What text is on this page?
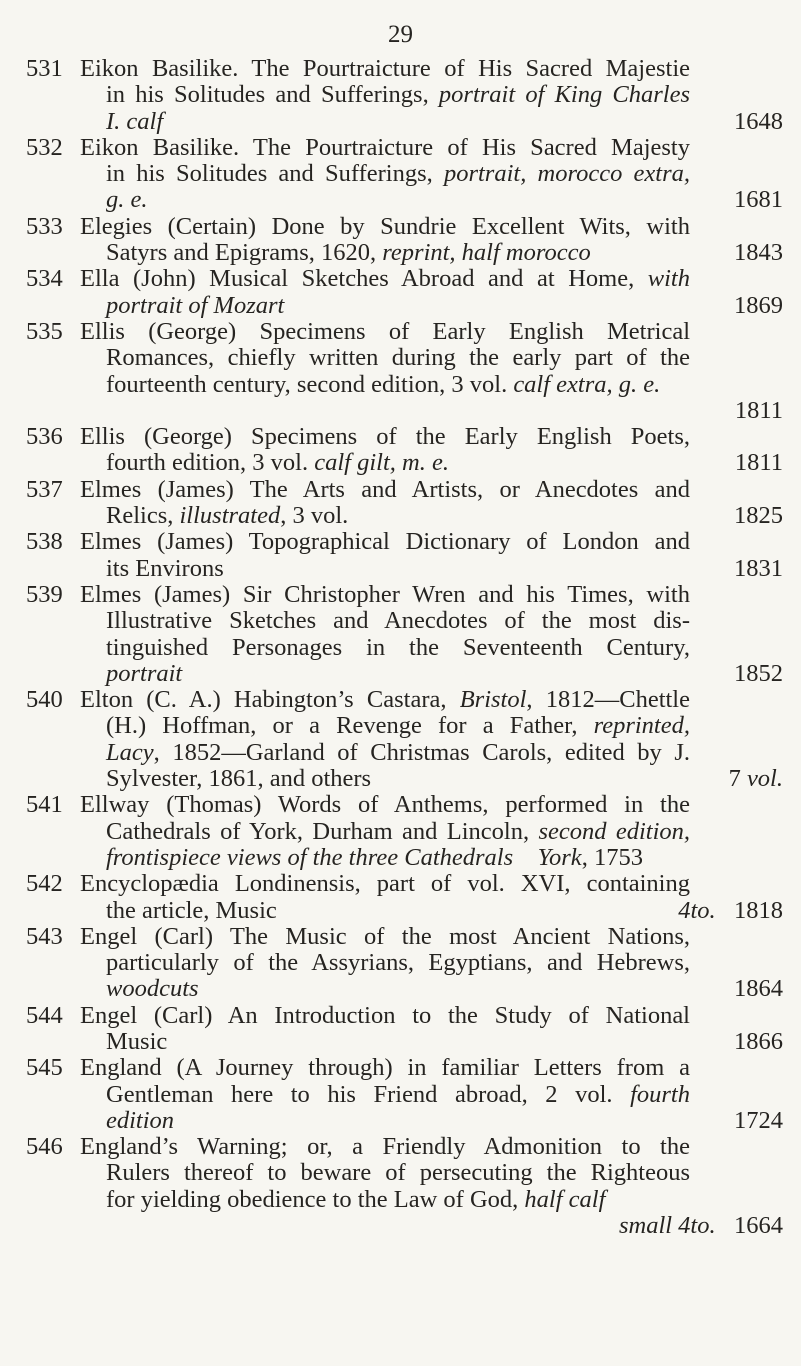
29
531 Eikon Basilike. The Pourtraicture of His Sacred Majestie
in his Solitudes and Sufferings, portrait of King Charles
I. calf	1648
532 Eikon Basilike. The Pourtraicture of His Sacred Majesty
in his Solitudes and Sufferings, portrait, morocco extra,
g. e.	1681
533 Elegies (Certain) Done by Sundrie Excellent Wits, with
Satyrs and Epigrams, 1620, reprint, half morocco	1843
534 Ella (John) Musical Sketches Abroad and at Home, with
portrait of Mozart	1869
535 Ellis (George) Specimens of Early English Metrical
Romances, chiefly written during the early part of the
fourteenth century, second edition, 3 vol. calf extra, g. e.
1811
536 Ellis (George) Specimens of the Early English Poets,
fourth edition, 3 vol. calf gilt, m. e.	1811
537 Elmes (James) The Arts and Artists, or Anecdotes and
Relics, illustrated, 3 vol.	1825
538 Elmes (James) Topographical Dictionary of London and
its Environs	1831
539 Elmes (James) Sir Christopher Wren and his Times, with
Illustrative Sketches and Anecdotes of the most dis-
tinguished Personages in the Seventeenth Century,
portrait	1852
540 Elton (C. A.) Habington’s Castara, Bristol, 1812—Chettle
(H.) Hoffman, or a Revenge for a Father, reprinted,
Lacy, 1852—Garland of Christmas Carols, edited by J.
Sylvester, 1861, and others	7 vol.
541 Ellway (Thomas) Words of Anthems, performed in the
Cathedrals of York, Durham and Lincoln, second edition,
frontispiece views of the three Cathedrals York, 1753
542 Encyclopædia Londinensis, part of vol. XVI, containing
the article, Music	4to.   1818
543 Engel (Carl) The Music of the most Ancient Nations,
particularly of the Assyrians, Egyptians, and Hebrews,
woodcuts	1864
544 Engel (Carl) An Introduction to the Study of National
Music	1866
545 England (A Journey through) in familiar Letters from a
Gentleman here to his Friend abroad, 2 vol. fourth
edition	1724
546 England’s Warning; or, a Friendly Admonition to the
Rulers thereof to beware of persecuting the Righteous
for yielding obedience to the Law of God, half calf
small 4to.   1664
